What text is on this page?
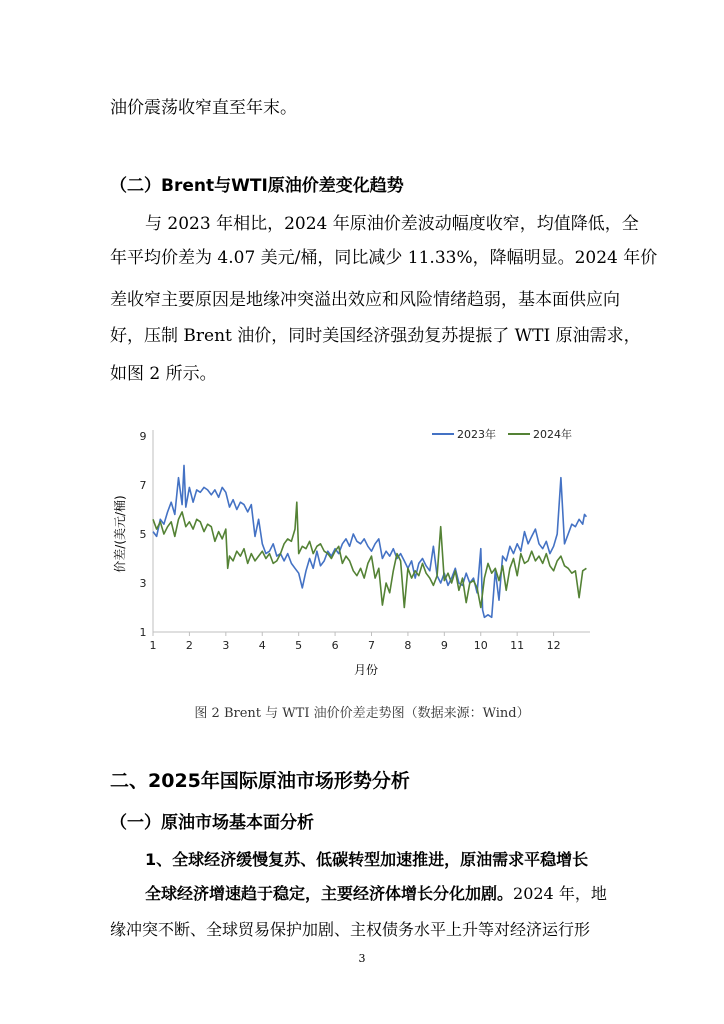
油价震荡收窄直至年末。
（二）Brent与WTI原油价差变化趋势
与 2023 年相比，2024 年原油价差波动幅度收窄，均值降低，全
年平均价差为 4.07 美元/桶，同比减少 11.33%，降幅明显。2024 年价
差收窄主要原因是地缘冲突溢出效应和风险情绪趋弱，基本面供应向
好，压制 Brent 油价，同时美国经济强劲复苏提振了 WTI 原油需求，
如图 2 所示。
1
3
5
7
9
1	2	3	4	5	6	7	8	9 10 11 12
2023年	2024年
月份
价差/(美元/桶)
图 2 Brent 与 WTI 油价价差走势图（数据来源：Wind）
二、2025年国际原油市场形势分析
（一）原油市场基本面分析
1、全球经济缓慢复苏、低碳转型加速推进，原油需求平稳增长
全球经济增速趋于稳定，主要经济体增长分化加剧。2024 年，地
缘冲突不断、全球贸易保护加剧、主权债务水平上升等对经济运行形
3
